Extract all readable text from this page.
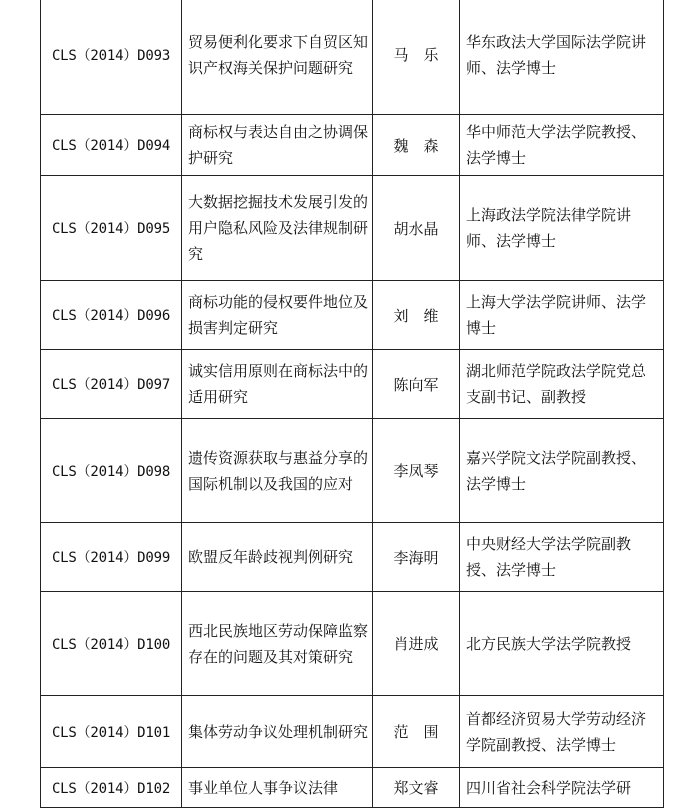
CLS（2014）D093	贸易便利化要求下自贸区知识产权海关保护问题研究	马　乐	华东政法大学国际法学院讲师、法学博士

CLS（2014）D094	商标权与表达自由之协调保护研究	魏　森	华中师范大学法学院教授、法学博士

CLS（2014）D095	大数据挖掘技术发展引发的用户隐私风险及法律规制研究	胡水晶	上海政法学院法律学院讲师、法学博士

CLS（2014）D096	商标功能的侵权要件地位及损害判定研究	刘　维	上海大学法学院讲师、法学博士

CLS（2014）D097	诚实信用原则在商标法中的适用研究	陈向军	湖北师范学院政法学院党总支副书记、副教授

CLS（2014）D098	遗传资源获取与惠益分享的国际机制以及我国的应对	李凤琴	嘉兴学院文法学院副教授、法学博士

CLS（2014）D099	欧盟反年龄歧视判例研究	李海明	中央财经大学法学院副教授、法学博士

CLS（2014）D100	西北民族地区劳动保障监察存在的问题及其对策研究	肖进成	北方民族大学法学院教授

CLS（2014）D101	集体劳动争议处理机制研究	范　围	首都经济贸易大学劳动经济学院副教授、法学博士

CLS（2014）D102	事业单位人事争议法律	郑文睿	四川省社会科学院法学研
